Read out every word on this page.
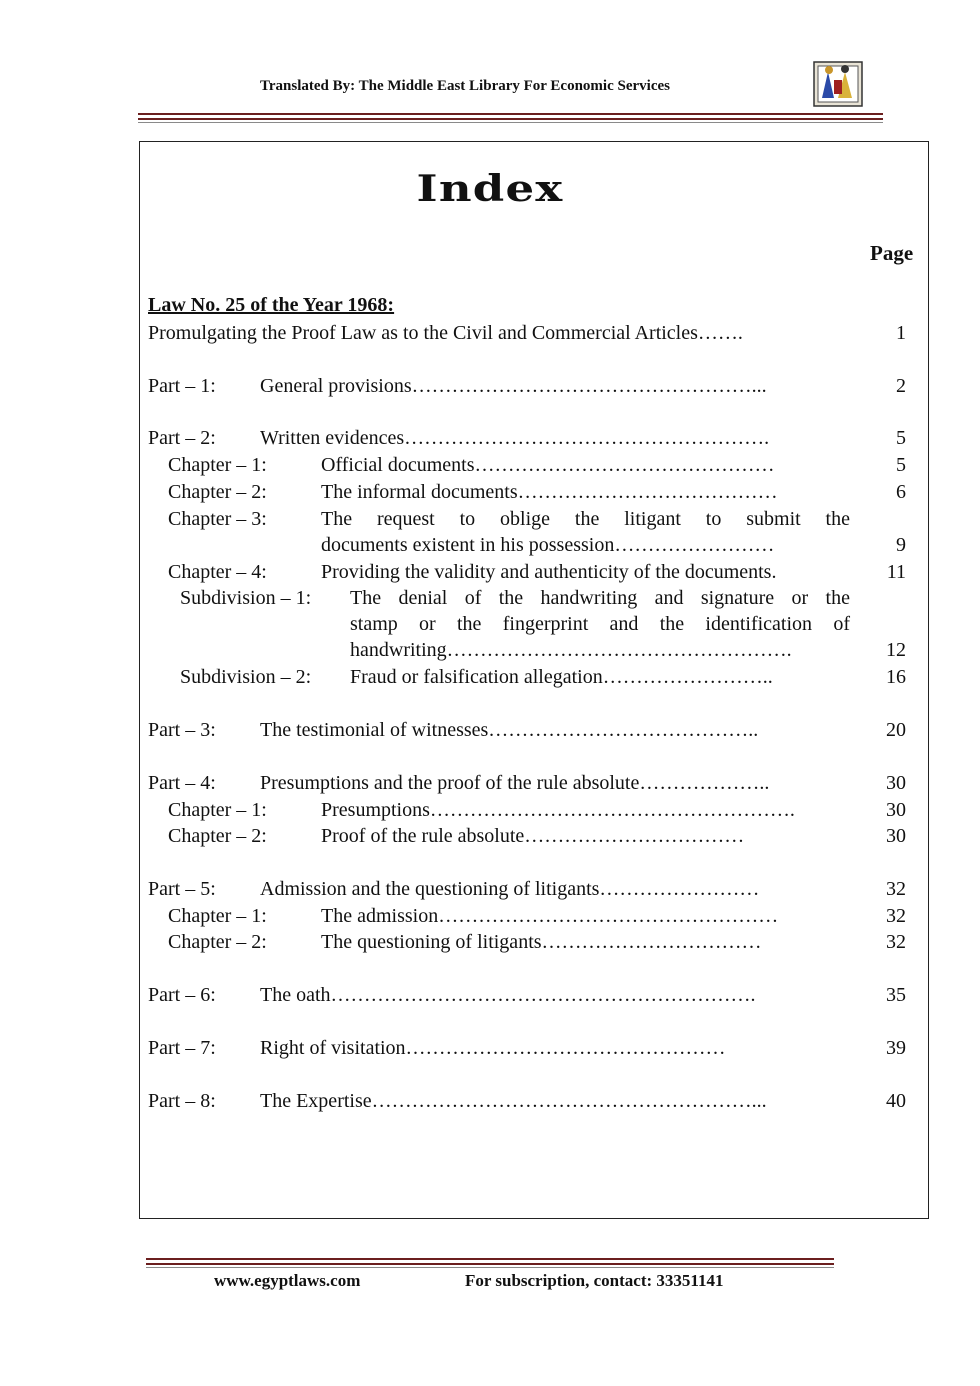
Translated By: The Middle East Library For Economic Services
Index
Page
Law No. 25 of the Year 1968:
Promulgating the Proof Law as to the Civil and Commercial Articles…….	1
Part – 1: General provisions……………………………………………...	2
Part – 2: Written evidences……………………………………………….	5
Chapter – 1:	Official documents………………………………………	5
Chapter – 2:	The informal documents…………………………………	6
Chapter – 3:	The request to oblige the litigant to submit the
documents existent in his possession……………………	9
Chapter – 4:	Providing the validity and authenticity of the documents.	11
Subdivision – 1: The denial of the handwriting and signature or the
stamp or the fingerprint and the identification of
handwriting…………………………………………….	12
Subdivision – 2: Fraud or falsification allegation……………………..	16
Part – 3: The testimonial of witnesses…………………………………..	20
Part – 4: Presumptions and the proof of the rule absolute………………..	30
Chapter – 1:	Presumptions……………………………………………….	30
Chapter – 2:	Proof of the rule absolute……………………………	30
Part – 5: Admission and the questioning of litigants……………………	32
Chapter – 1:	The admission……………………………………………	32
Chapter – 2:	The questioning of litigants……………………………	32
Part – 6: The oath……………………………………………………….	35
Part – 7: Right of visitation…………………………………………	39
Part – 8: The Expertise…………………………………………………...	40
www.egyptlaws.com	For subscription, contact: 33351141
